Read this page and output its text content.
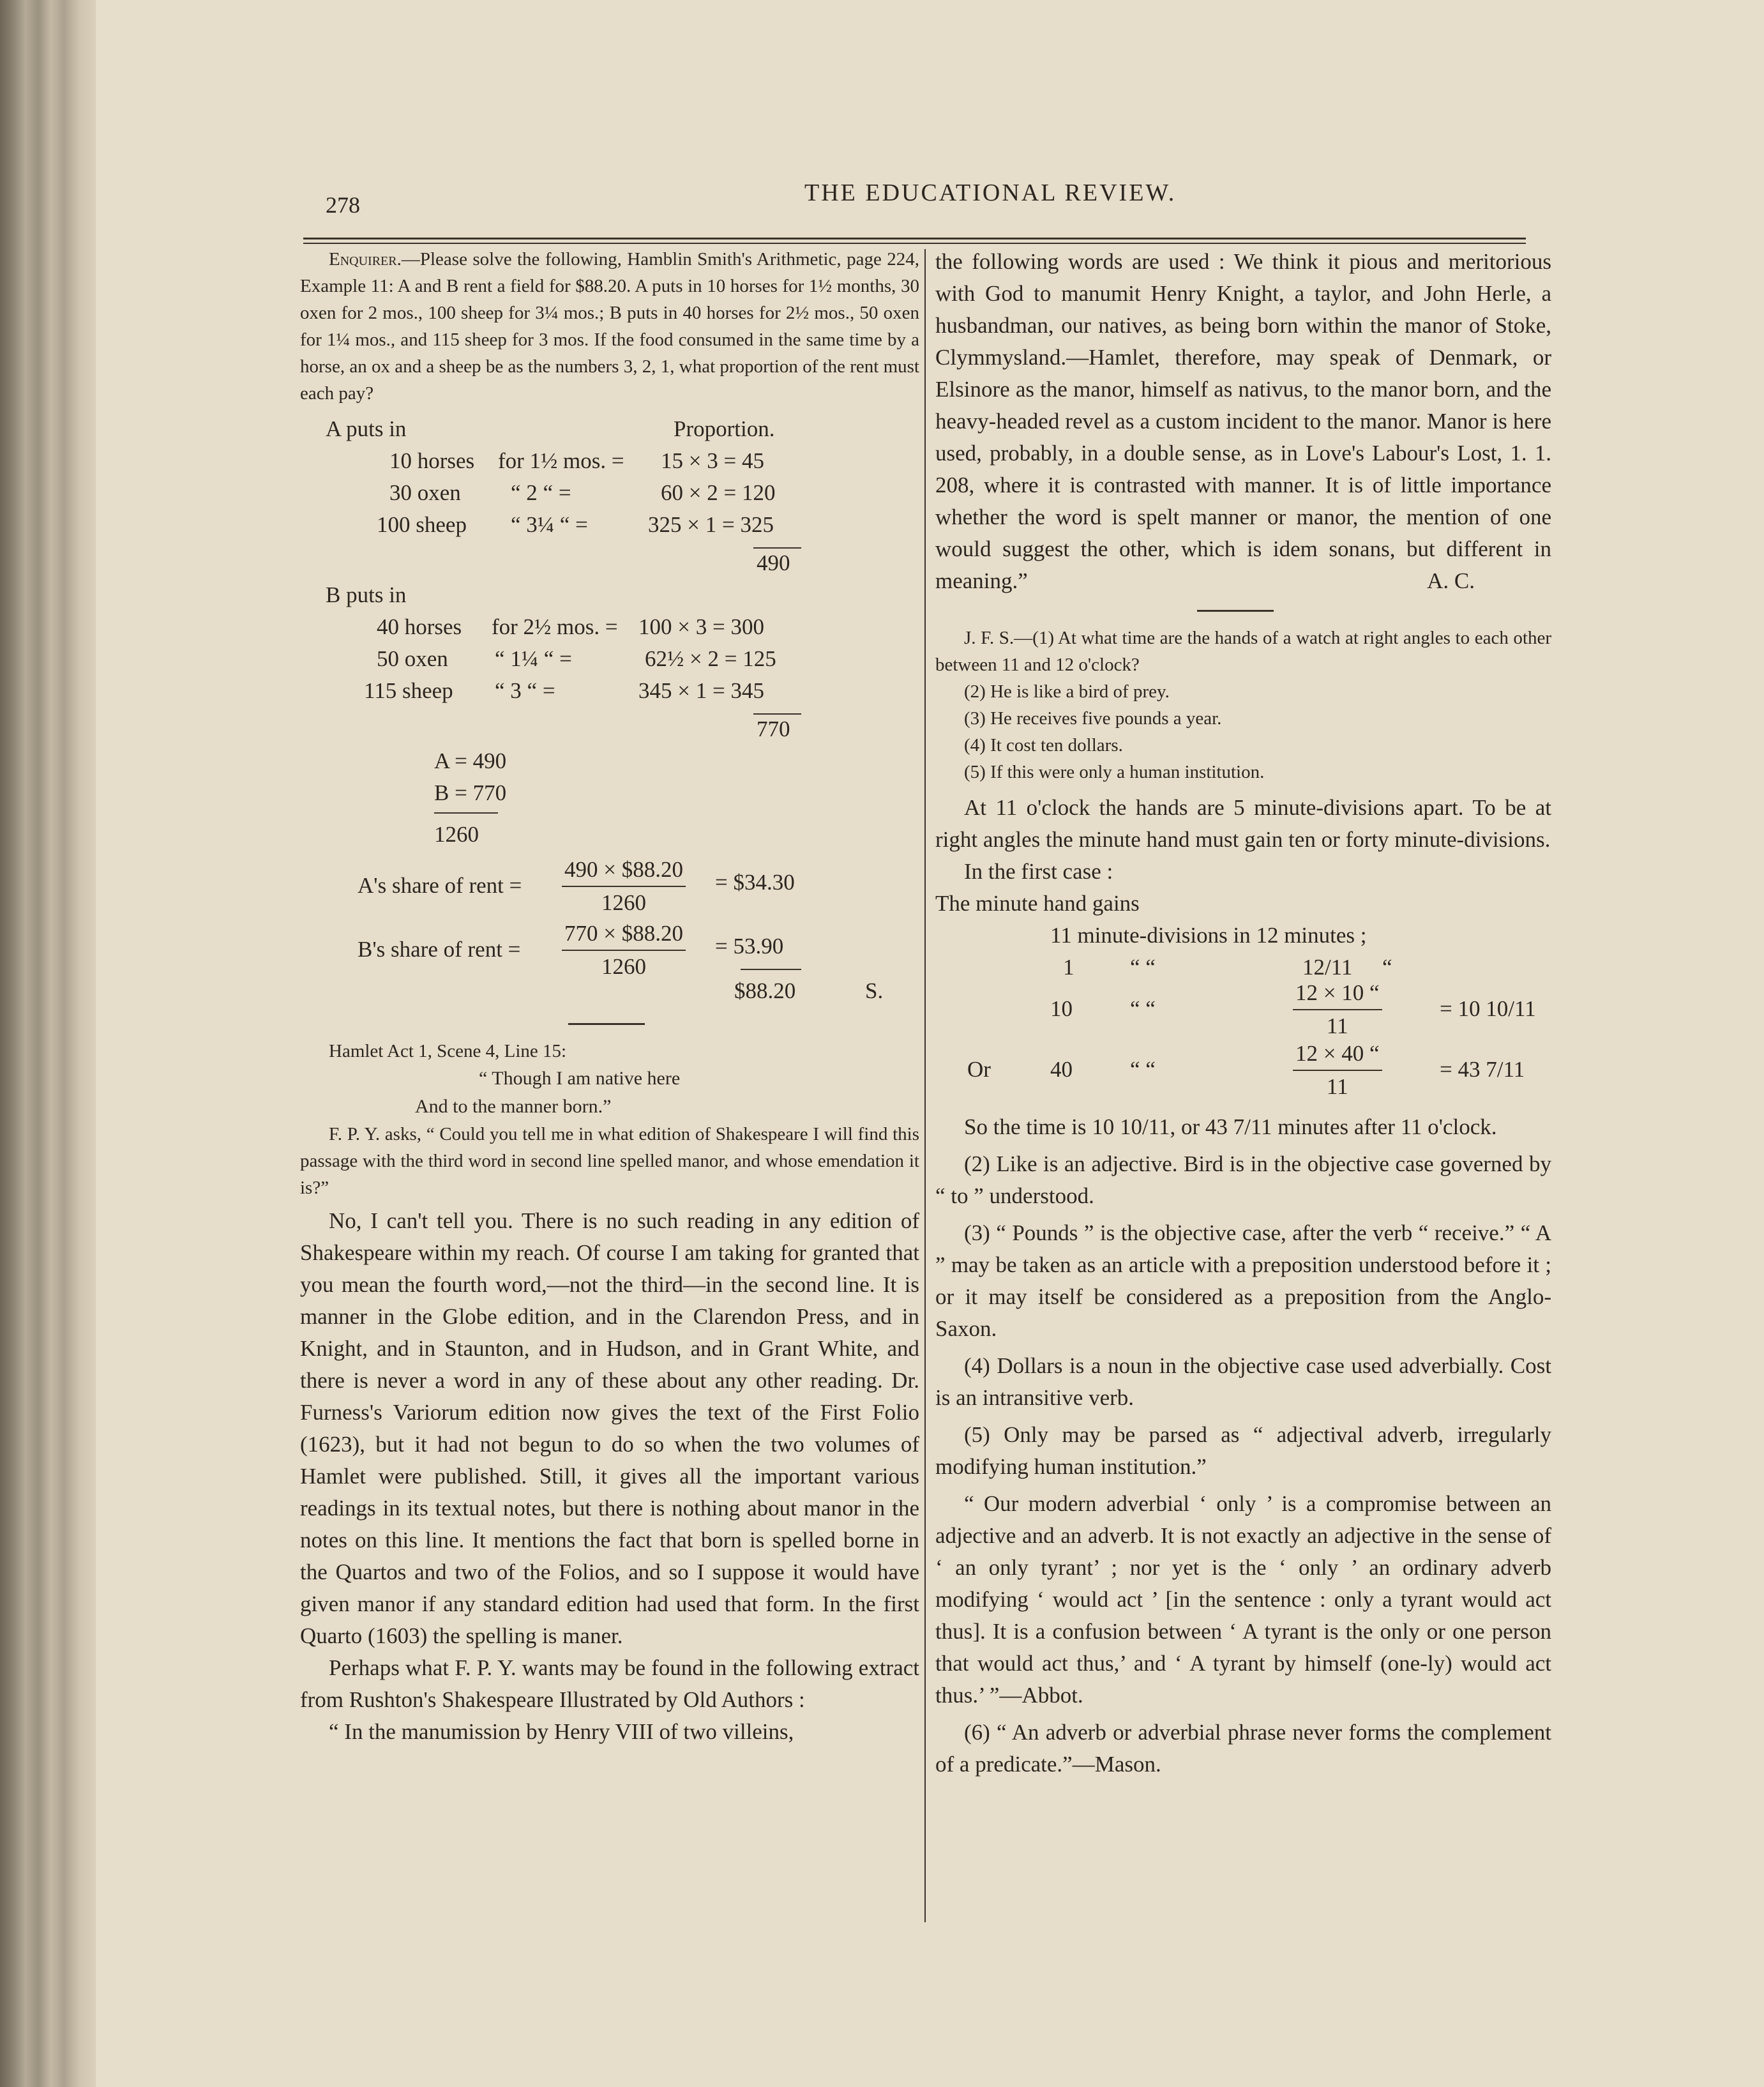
278	THE EDUCATIONAL REVIEW.

Enquirer.—Please solve the following, Hamblin Smith's Arithmetic, page 224, Example 11: A and B rent a field for $88.20. A puts in 10 horses for 1½ months, 30 oxen for 2 mos., 100 sheep for 3¼ mos.; B puts in 40 horses for 2½ mos., 50 oxen for 1¼ mos., and 115 sheep for 3 mos. If the food consumed in the same time by a horse, an ox and a sheep be as the numbers 3, 2, 1, what proportion of the rent must each pay?

A puts in	Proportion.
10 horses for 1½ mos. = 15 × 3 = 45
30 oxen “ 2 “ =	60 × 2 = 120
100 sheep “ 3¼ “ =	325 × 1 = 325
490
B puts in
40 horses for 2½ mos. = 100 × 3 = 300
50 oxen “ 1¼ “ =	62½ × 2 = 125
115 sheep “ 3 “ =	345 × 1 = 345
770
A = 490
B = 770
1260
A's share of rent = $\frac{490 \times \$88.20}{1260}$ = $34.30
B's share of rent = $\frac{770 \times \$88.20}{1260} = 53.90$
$88.20	S.

Hamlet Act 1, Scene 4, Line 15:

“ Though I am native here

And to the manner born.”

F. P. Y. asks, “ Could you tell me in what edition of Shakespeare I will find this passage with the third word in second line spelled manor, and whose emendation it is?”

No, I can't tell you. There is no such reading in any edition of Shakespeare within my reach. Of course I am taking for granted that you mean the fourth word,—not the third—in the second line. It is manner in the Globe edition, and in the Clarendon Press, and in Knight, and in Staunton, and in Hudson, and in Grant White, and there is never a word in any of these about any other reading. Dr. Furness's Variorum edition now gives the text of the First Folio (1623), but it had not begun to do so when the two volumes of Hamlet were published. Still, it gives all the important various readings in its textual notes, but there is nothing about manor in the notes on this line. It mentions the fact that born is spelled borne in the Quartos and two of the Folios, and so I suppose it would have given manor if any standard edition had used that form. In the first Quarto (1603) the spelling is maner.

Perhaps what F. P. Y. wants may be found in the following extract from Rushton's Shakespeare Illustrated by Old Authors :

“ In the manumission by Henry VIII of two villeins,

the following words are used : We think it pious and meritorious with God to manumit Henry Knight, a taylor, and John Herle, a husbandman, our natives, as being born within the manor of Stoke, Clymmysland.—Hamlet, therefore, may speak of Denmark, or Elsinore as the manor, himself as nativus, to the manor born, and the heavy-headed revel as a custom incident to the manor. Manor is here used, probably, in a double sense, as in Love's Labour's Lost, 1. 1. 208, where it is contrasted with manner. It is of little importance whether the word is spelt manner or manor, the mention of one would suggest the other, which is idem sonans, but different in meaning.”	A. C.

J. F. S.—(1) At what time are the hands of a watch at right angles to each other between 11 and 12 o'clock?

(2) He is like a bird of prey.

(3) He receives five pounds a year.

(4) It cost ten dollars.

(5) If this were only a human institution.

At 11 o'clock the hands are 5 minute-divisions apart. To be at right angles the minute hand must gain ten or forty minute-divisions.

In the first case :

The minute hand gains

11 minute-divisions in 12 minutes ;
1	“ “	12/11 “
10	“ “	$\frac{12 \times 10 “}{11}$	= 10 10/11
Or	40	“ “	$\frac{12 \times 40 “}{11}$	= 43 7/11

So the time is 10 10/11, or 43 7/11 minutes after 11 o'clock.

(2) Like is an adjective. Bird is in the objective case governed by “ to ” understood.

(3) “ Pounds ” is the objective case, after the verb “ receive.” “ A ” may be taken as an article with a preposition understood before it ; or it may itself be considered as a preposition from the Anglo-Saxon.

(4) Dollars is a noun in the objective case used adverbially. Cost is an intransitive verb.

(5) Only may be parsed as “ adjectival adverb, irregularly modifying human institution.”

“ Our modern adverbial ‘ only ’ is a compromise between an adjective and an adverb. It is not exactly an adjective in the sense of ‘ an only tyrant’ ; nor yet is the ‘ only ’ an ordinary adverb modifying ‘ would act ’ [in the sentence : only a tyrant would act thus]. It is a confusion between ‘ A tyrant is the only or one person that would act thus,’ and ‘ A tyrant by himself (one-ly) would act thus.’ ”—Abbot.

(6) “ An adverb or adverbial phrase never forms the complement of a predicate.”—Mason.
